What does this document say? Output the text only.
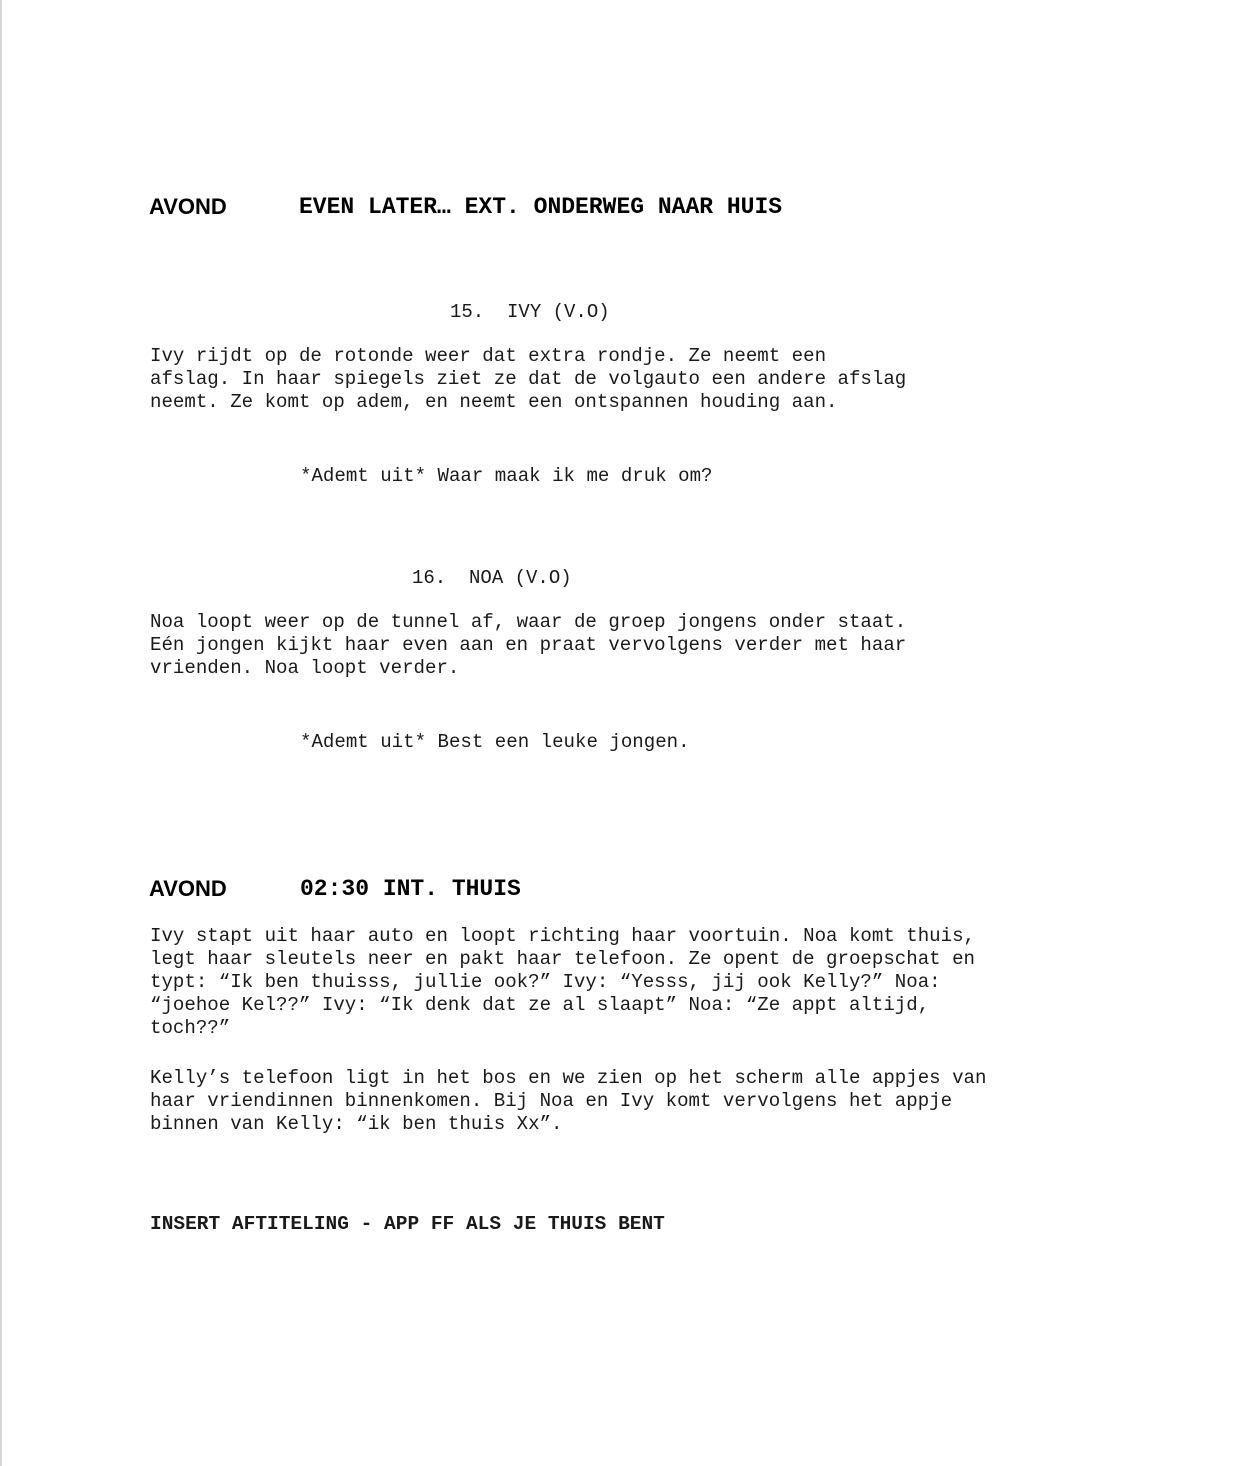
AVOND	EVEN LATER… EXT. ONDERWEG NAAR HUIS
15.  IVY (V.O)
Ivy rijdt op de rotonde weer dat extra rondje. Ze neemt een
afslag. In haar spiegels ziet ze dat de volgauto een andere afslag
neemt. Ze komt op adem, en neemt een ontspannen houding aan.
*Ademt uit* Waar maak ik me druk om?
16.  NOA (V.O)
Noa loopt weer op de tunnel af, waar de groep jongens onder staat.
Eén jongen kijkt haar even aan en praat vervolgens verder met haar
vrienden. Noa loopt verder.
*Ademt uit* Best een leuke jongen.
AVOND	02:30 INT. THUIS
Ivy stapt uit haar auto en loopt richting haar voortuin. Noa komt thuis,
legt haar sleutels neer en pakt haar telefoon. Ze opent de groepschat en
typt: “Ik ben thuisss, jullie ook?” Ivy: “Yesss, jij ook Kelly?” Noa:
“joehoe Kel??” Ivy: “Ik denk dat ze al slaapt” Noa: “Ze appt altijd,
toch??”
Kelly’s telefoon ligt in het bos en we zien op het scherm alle appjes van
haar vriendinnen binnenkomen. Bij Noa en Ivy komt vervolgens het appje
binnen van Kelly: “ik ben thuis Xx”.
INSERT AFTITELING - APP FF ALS JE THUIS BENT
